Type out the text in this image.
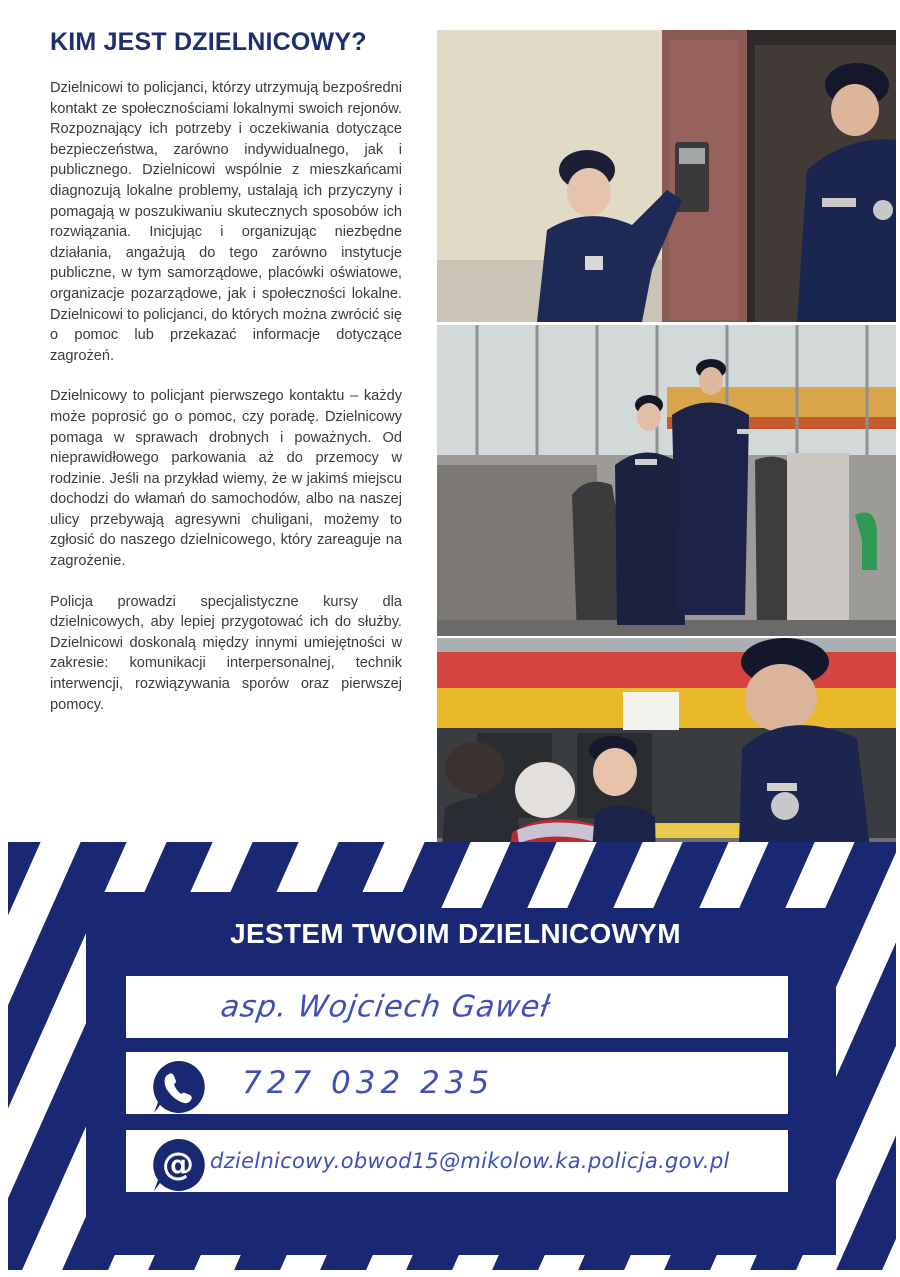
KIM JEST DZIELNICOWY?

Dzielnicowi to policjanci, którzy utrzymują bezpośredni kontakt ze społecznościami lokalnymi swoich rejonów. Rozpoznający ich potrzeby i oczekiwania dotyczące bezpieczeństwa, zarówno indywidualnego, jak i publicznego. Dzielnicowi wspólnie z mieszkańcami diagnozują lokalne problemy, ustalają ich przyczyny i pomagają w poszukiwaniu skutecznych sposobów ich rozwiązania. Inicjując i organizując niezbędne działania, angażują do tego zarówno instytucje publiczne, w tym samorządowe, placówki oświatowe, organizacje pozarządowe, jak i społeczności lokalne. Dzielnicowi to policjanci, do których można zwrócić się o pomoc lub przekazać informacje dotyczące zagrożeń.

Dzielnicowy to policjant pierwszego kontaktu – każdy może poprosić go o pomoc, czy poradę. Dzielnicowy pomaga w sprawach drobnych i poważnych. Od nieprawidłowego parkowania aż do przemocy w rodzinie. Jeśli na przykład wiemy, że w jakimś miejscu dochodzi do włamań do samochodów, albo na naszej ulicy przebywają agresywni chuligani, możemy to zgłosić do naszego dzielnicowego, który zareaguje na zagrożenie.

Policja prowadzi specjalistyczne kursy dla dzielnicowych, aby lepiej przygotować ich do służby. Dzielnicowi doskonalą między innymi umiejętności w zakresie: komunikacji interpersonalnej, technik interwencji, rozwiązywania sporów oraz pierwszej pomocy.

JESTEM TWOIM DZIELNICOWYM
asp. Wojciech Gaweł
727 032 235
dzielnicowy.obwod15@mikolow.ka.policja.gov.pl
@
